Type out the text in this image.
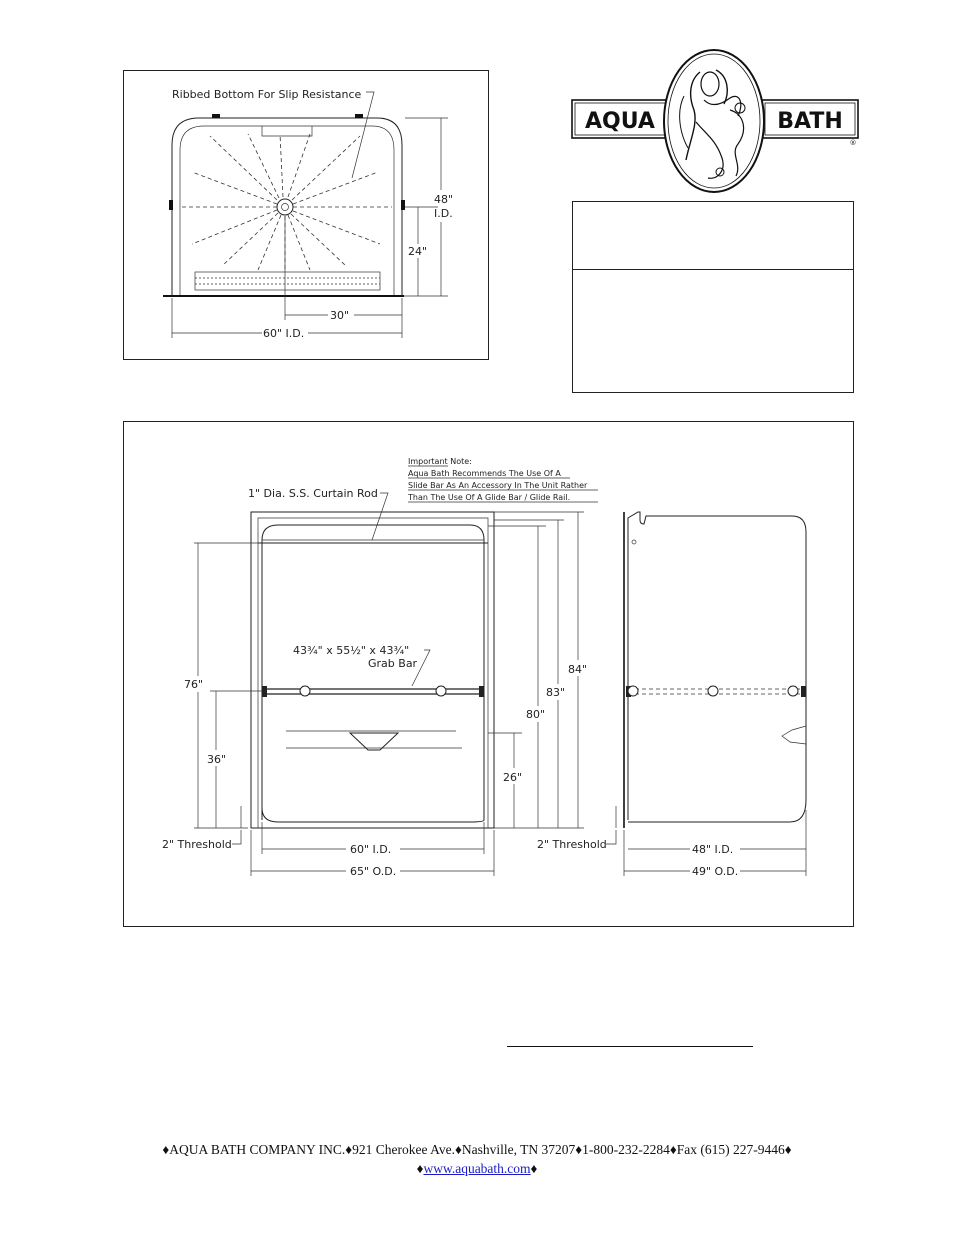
AQUA	BATH
®
Ribbed Bottom For Slip Resistance
48"
I.D.
24"
30"
60" I.D.
Important Note:
Aqua Bath Recommends The Use Of A
Slide Bar As An Accessory In The Unit Rather
Than The Use Of A Glide Bar / Glide Rail.
1" Dia. S.S. Curtain Rod
43¾" x 55½" x 43¾"
Grab Bar
76"
36"
2" Threshold
26"
80"
83"
84"
60" I.D.
65" O.D.
2" Threshold	48" I.D.
49" O.D.
♦AQUA BATH COMPANY INC.♦921 Cherokee Ave.♦Nashville, TN 37207♦1-800-232-2284♦Fax (615) 227-9446♦
♦www.aquabath.com♦
